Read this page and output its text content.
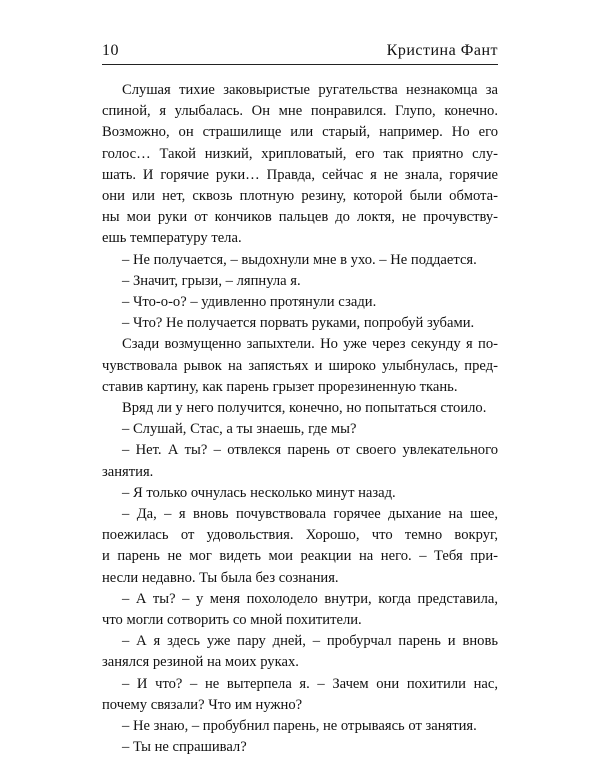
10	Кристина Фант

Слушая тихие заковыристые ругательства незнакомца за
спиной, я улыбалась. Он мне понравился. Глупо, конечно.
Возможно, он страшилище или старый, например. Но его
голос… Такой низкий, хрипловатый, его так приятно слу-
шать. И горячие руки… Правда, сейчас я не знала, горячие
они или нет, сквозь плотную резину, которой были обмота-
ны мои руки от кончиков пальцев до локтя, не прочувству-
ешь температуру тела.

– Не получается, – выдохнули мне в ухо. – Не поддается.

– Значит, грызи, – ляпнула я.

– Что-о-о? – удивленно протянули сзади.

– Что? Не получается порвать руками, попробуй зубами.

Сзади возмущенно запыхтели. Но уже через секунду я по-
чувствовала рывок на запястьях и широко улыбнулась, пред-
ставив картину, как парень грызет прорезиненную ткань.

Вряд ли у него получится, конечно, но попытаться стоило.

– Слушай, Стас, а ты знаешь, где мы?

– Нет. А ты? – отвлекся парень от своего увлекательного
занятия.

– Я только очнулась несколько минут назад.

– Да, – я вновь почувствовала горячее дыхание на шее,
поежилась от удовольствия. Хорошо, что темно вокруг,
и парень не мог видеть мои реакции на него. – Тебя при-
несли недавно. Ты была без сознания.

– А ты? – у меня похолодело внутри, когда представила,
что могли сотворить со мной похитители.

– А я здесь уже пару дней, – пробурчал парень и вновь
занялся резиной на моих руках.

– И что? – не вытерпела я. – Зачем они похитили нас,
почему связали? Что им нужно?

– Не знаю, – пробубнил парень, не отрываясь от занятия.

– Ты не спрашивал?
